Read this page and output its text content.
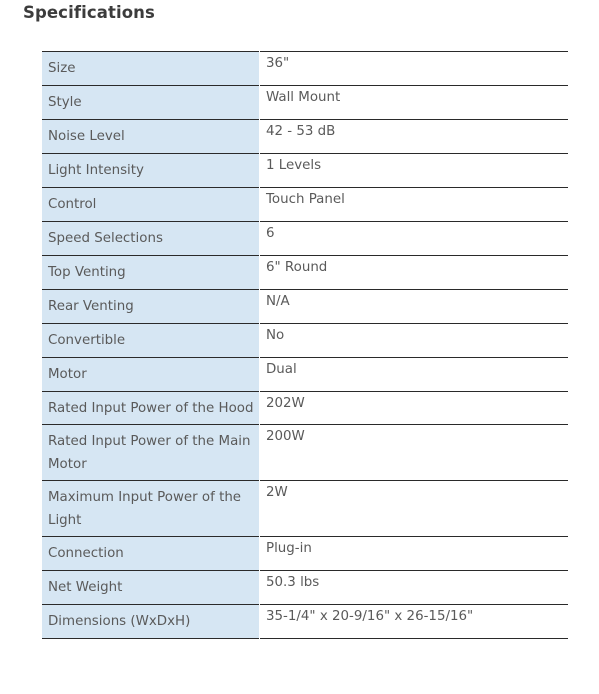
Specifications
Size	36"
Style	Wall Mount
Noise Level	42 - 53 dB
Light Intensity	1 Levels
Control	Touch Panel
Speed Selections	6
Top Venting	6" Round
Rear Venting	N/A
Convertible	No
Motor	Dual
Rated Input Power of the Hood	202W
Rated Input Power of the Main Motor	200W
Maximum Input Power of the Light	2W
Connection	Plug-in
Net Weight	50.3 lbs
Dimensions (WxDxH)	35-1/4" x 20-9/16" x 26-15/16"
